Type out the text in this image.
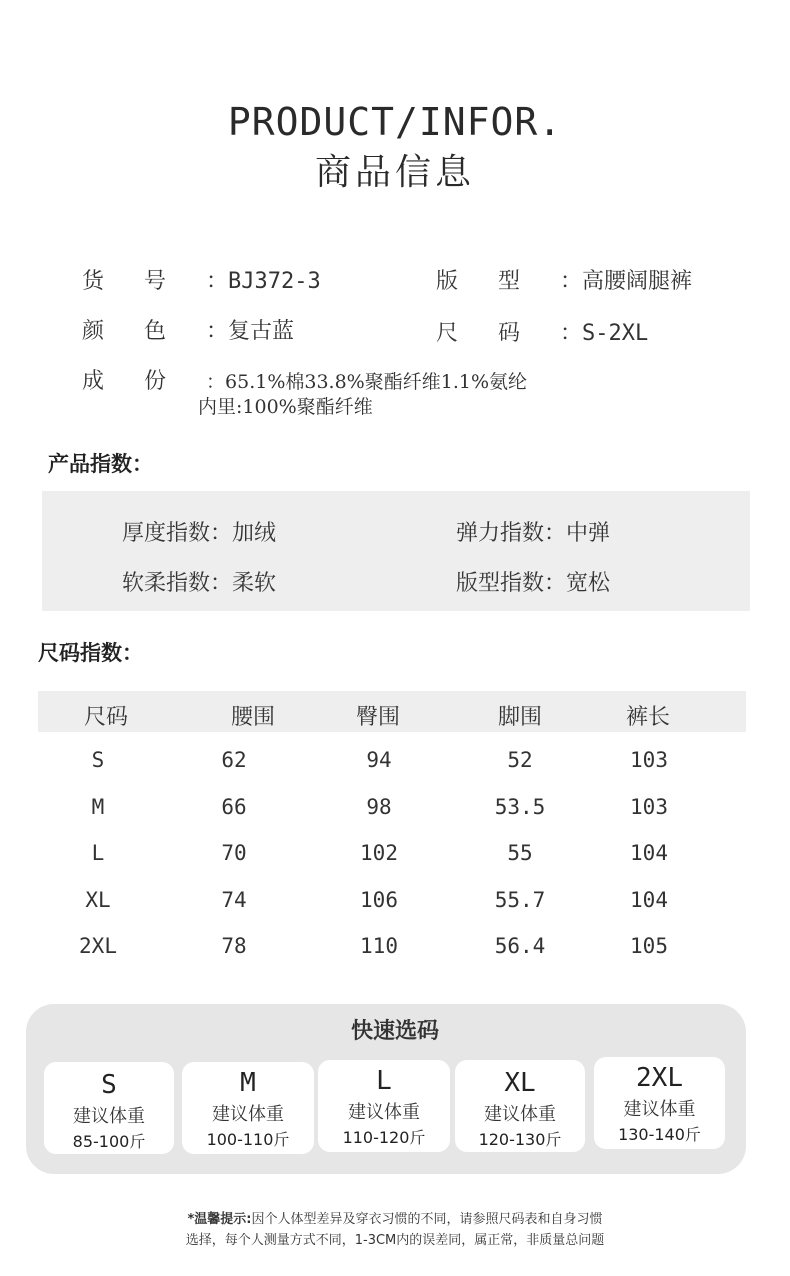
PRODUCT/INFOR.
商品信息
货号：BJ372-3	版型：高腰阔腿裤
颜色：复古蓝	尺码：S-2XL
成份：65.1%棉33.8%聚酯纤维1.1%氨纶
内里:100%聚酯纤维
产品指数：
厚度指数：加绒	弹力指数：中弹
软柔指数：柔软	版型指数：宽松
尺码指数：
尺码	腰围	臀围	脚围	裤长
S	62	94	52	103
M	66	98	53.5	103
L	70	102	55	104
XL	74	106	55.7	104
2XL	78	110	56.4	105
快速选码
S
建议体重
85-100斤
M
建议体重
100-110斤
L
建议体重
110-120斤
XL
建议体重
120-130斤
2XL
建议体重
130-140斤
*温馨提示:因个人体型差异及穿衣习惯的不同，请参照尺码表和自身习惯
选择，每个人测量方式不同，1-3CM内的误差同，属正常，非质量总问题
